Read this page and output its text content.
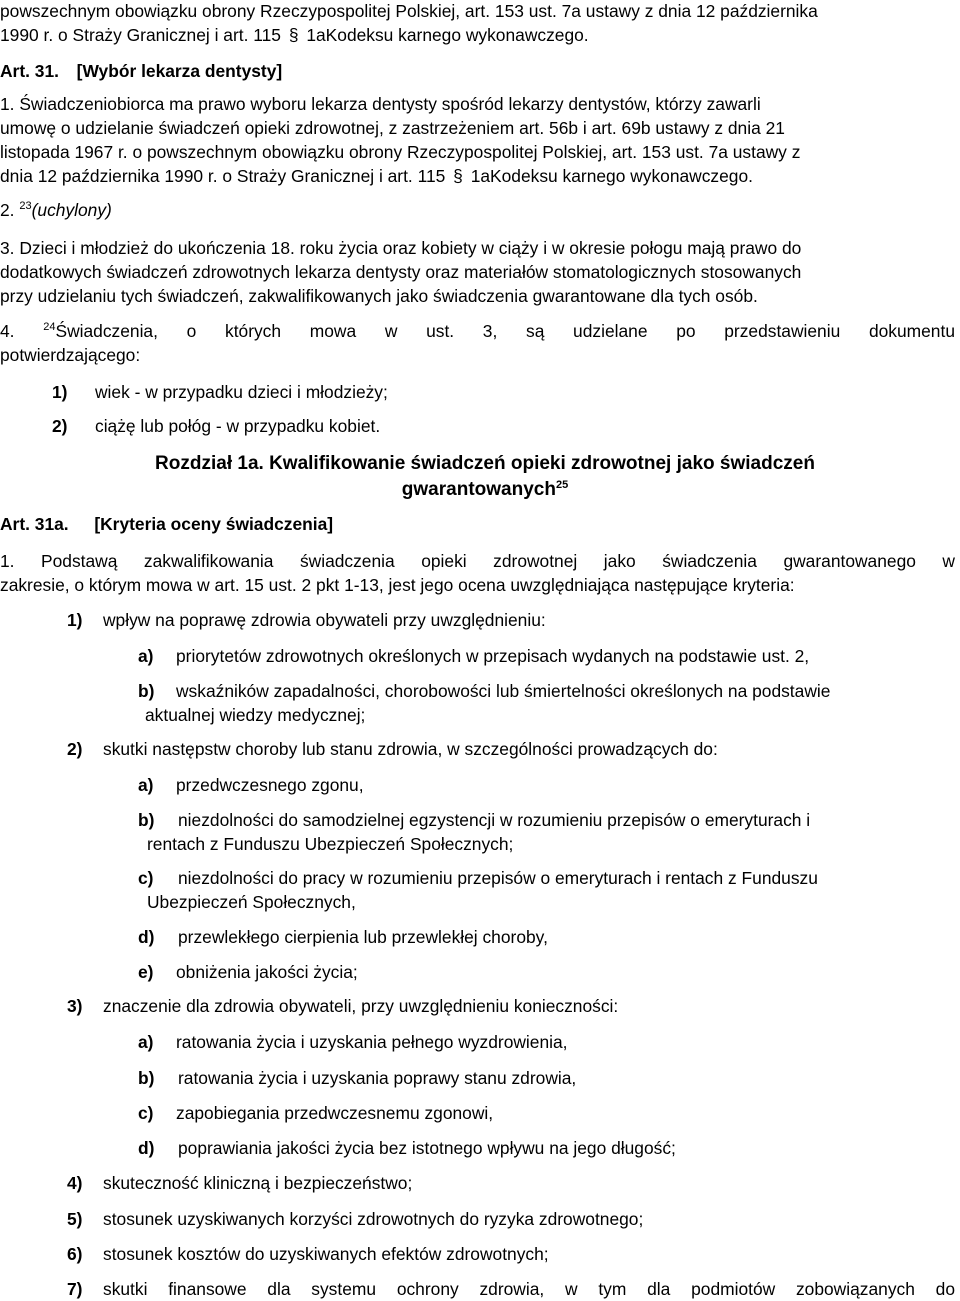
powszechnym obowiązku obrony Rzeczypospolitej Polskiej, art. 153 ust. 7a ustawy z dnia 12 października

1990 r. o Straży Granicznej i art. 115 § 1aKodeksu karnego wykonawczego.

Art. 31. [Wybór lekarza dentysty]

1. Świadczeniobiorca ma prawo wyboru lekarza dentysty spośród lekarzy dentystów, którzy zawarli

umowę o udzielanie świadczeń opieki zdrowotnej, z zastrzeżeniem art. 56b i art. 69b ustawy z dnia 21

listopada 1967 r. o powszechnym obowiązku obrony Rzeczypospolitej Polskiej, art. 153 ust. 7a ustawy z

dnia 12 października 1990 r. o Straży Granicznej i art. 115 § 1aKodeksu karnego wykonawczego.

2. $^{23}$(uchylony)

3. Dzieci i młodzież do ukończenia 18. roku życia oraz kobiety w ciąży i w okresie połogu mają prawo do

dodatkowych świadczeń zdrowotnych lekarza dentysty oraz materiałów stomatologicznych stosowanych

przy udzielaniu tych świadczeń, zakwalifikowanych jako świadczenia gwarantowane dla tych osób.

4.	$^{24}$Świadczenia, o których mowa w ust. 3, są udzielane po przedstawieniu dokumentu

potwierdzającego:

1) wiek - w przypadku dzieci i młodzieży;

2) ciążę lub połóg - w przypadku kobiet.

Rozdział 1a. Kwalifikowanie świadczeń opieki zdrowotnej jako świadczeń
gwarantowanych$^{25}$

Art. 31a. [Kryteria oceny świadczenia]

1. Podstawą zakwalifikowania świadczenia opieki zdrowotnej jako świadczenia gwarantowanego w

zakresie, o którym mowa w art. 15 ust. 2 pkt 1-13, jest jego ocena uwzględniająca następujące kryteria:

1) wpływ na poprawę zdrowia obywateli przy uwzględnieniu:

a) priorytetów zdrowotnych określonych w przepisach wydanych na podstawie ust. 2,

b) wskaźników zapadalności, chorobowości lub śmiertelności określonych na podstawie

aktualnej wiedzy medycznej;

2) skutki następstw choroby lub stanu zdrowia, w szczególności prowadzących do:

a) przedwczesnego zgonu,

b) niezdolności do samodzielnej egzystencji w rozumieniu przepisów o emeryturach i

rentach z Funduszu Ubezpieczeń Społecznych;

c) niezdolności do pracy w rozumieniu przepisów o emeryturach i rentach z Funduszu

Ubezpieczeń Społecznych,

d) przewlekłego cierpienia lub przewlekłej choroby,

e) obniżenia jakości życia;

3) znaczenie dla zdrowia obywateli, przy uwzględnieniu konieczności:

a) ratowania życia i uzyskania pełnego wyzdrowienia,

b) ratowania życia i uzyskania poprawy stanu zdrowia,

c) zapobiegania przedwczesnemu zgonowi,

d) poprawiania jakości życia bez istotnego wpływu na jego długość;

4) skuteczność kliniczną i bezpieczeństwo;

5) stosunek uzyskiwanych korzyści zdrowotnych do ryzyka zdrowotnego;

6) stosunek kosztów do uzyskiwanych efektów zdrowotnych;

7) skutki finansowe dla systemu ochrony zdrowia, w tym dla podmiotów zobowiązanych do
